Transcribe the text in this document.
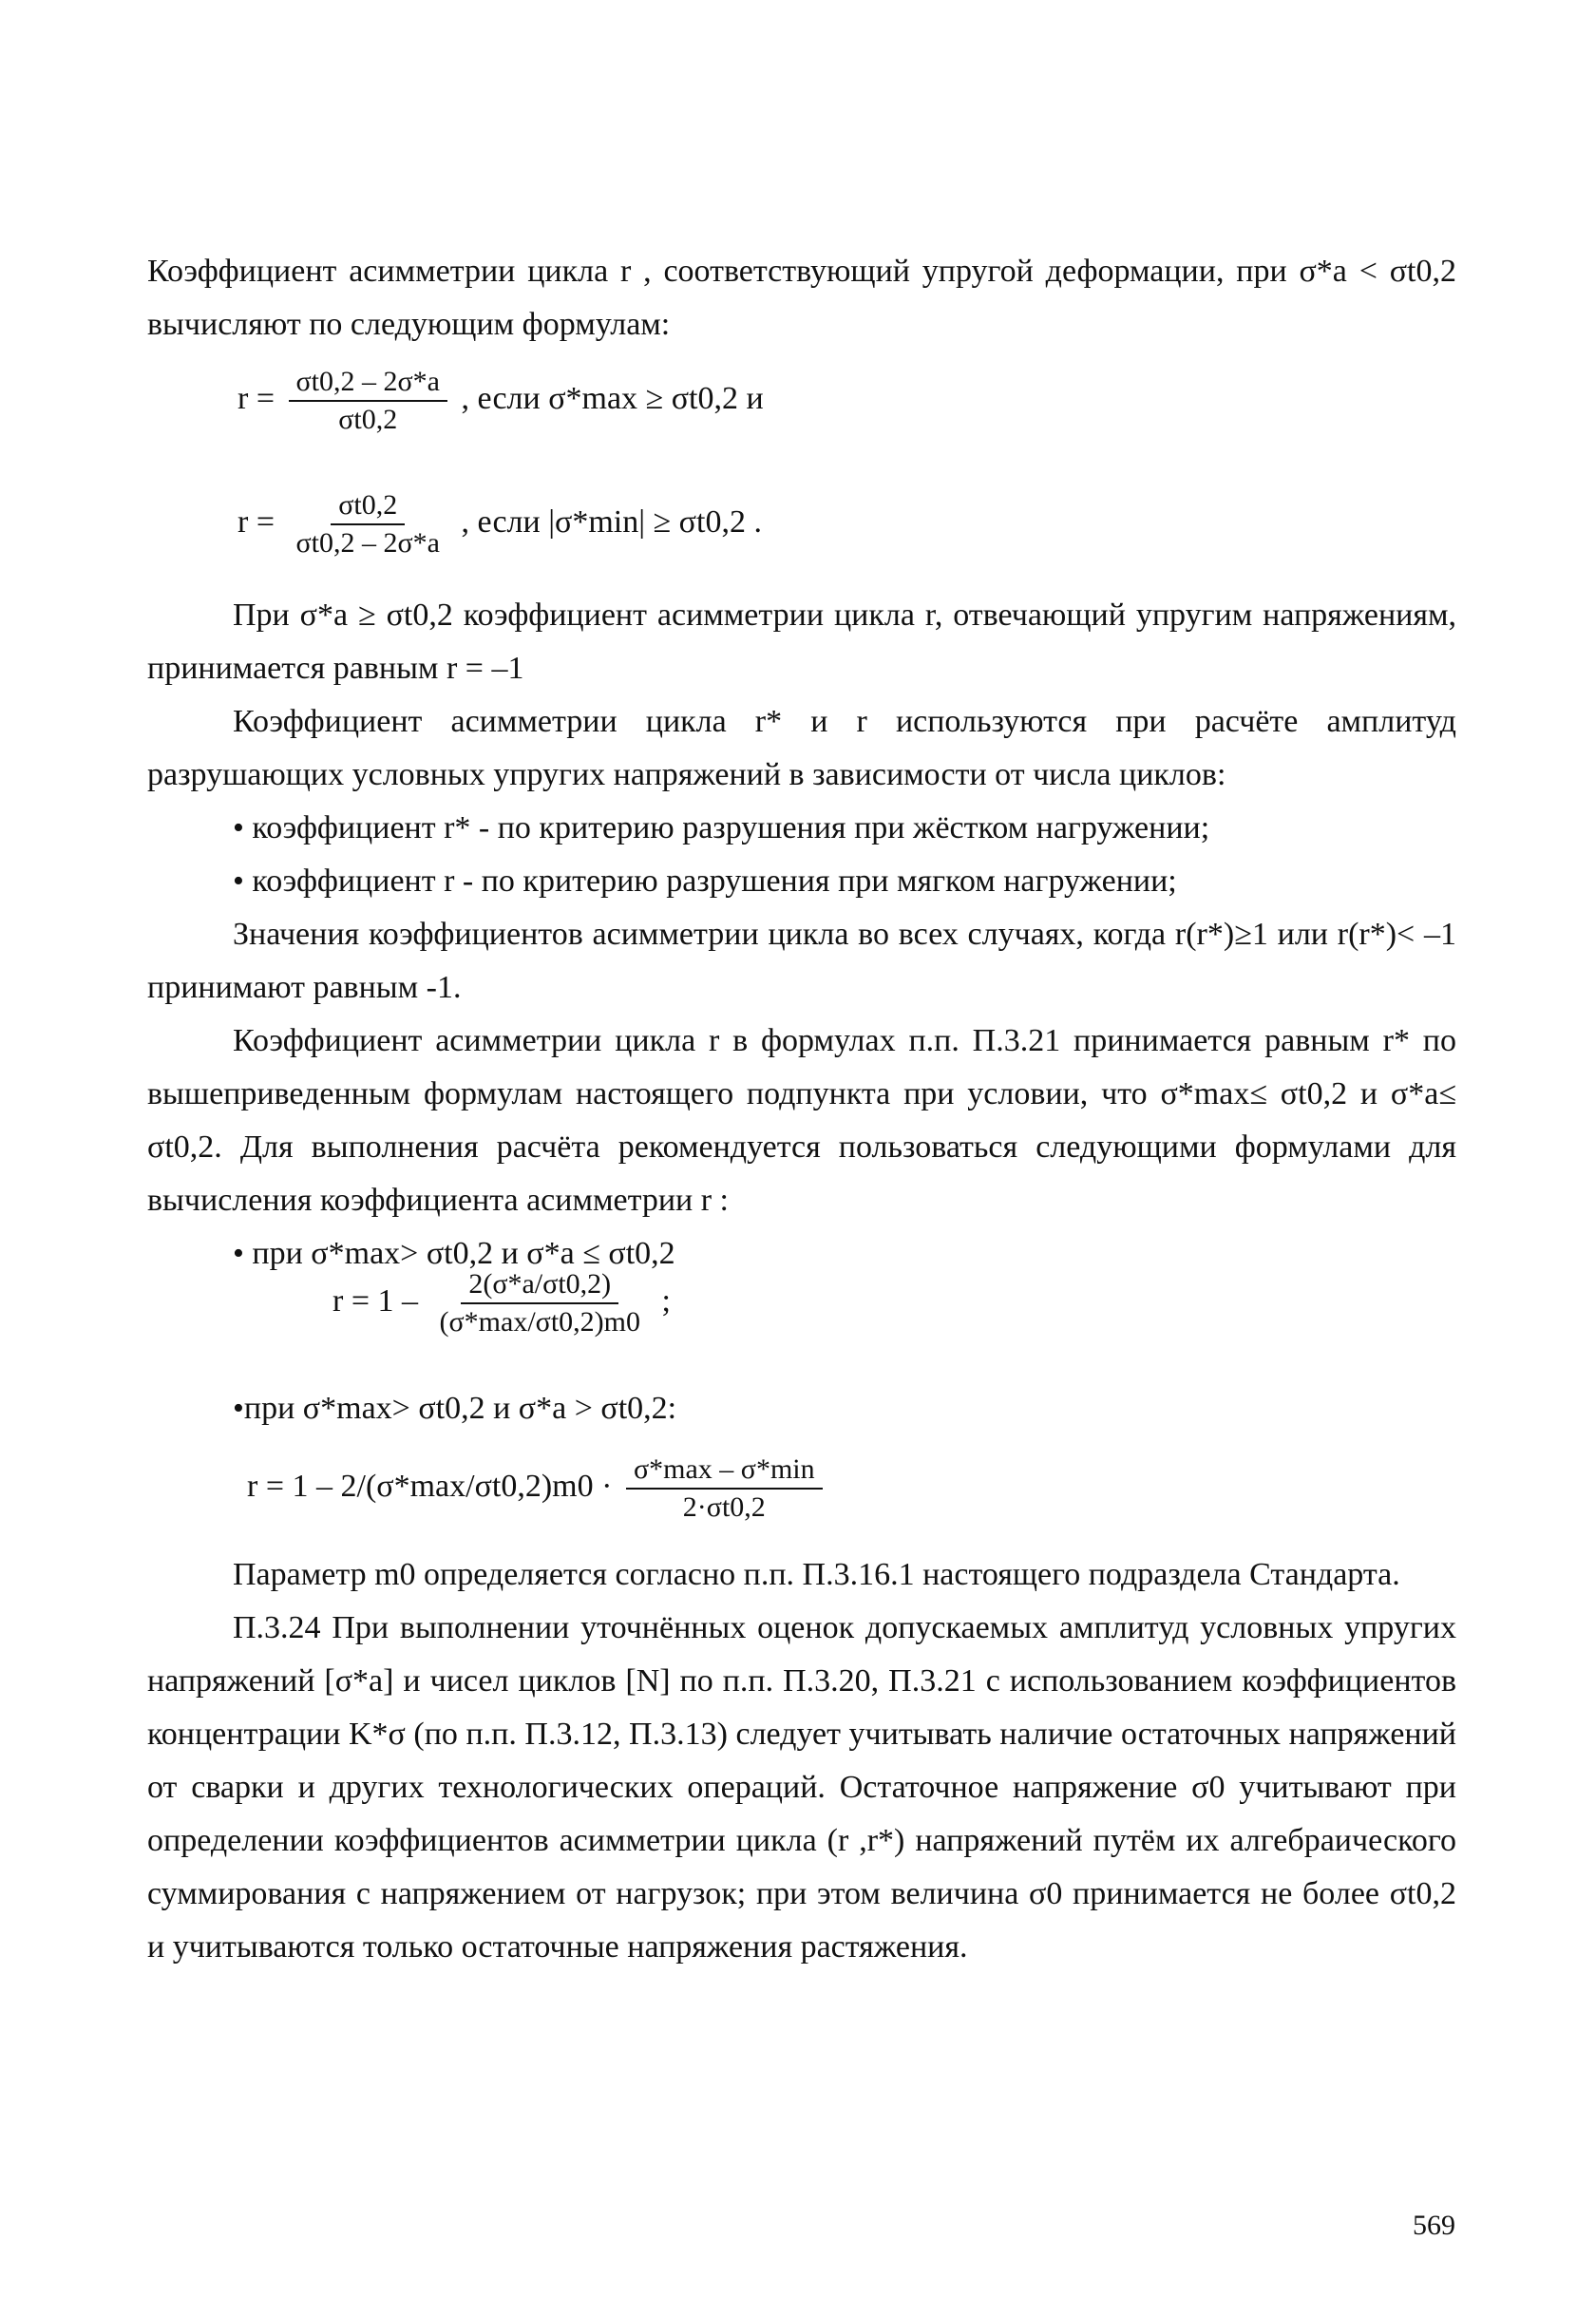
Коэффициент асимметрии цикла r , соответствующий упругой деформации, при σ*a < σt0,2 вычисляют по следующим формулам:

$r = \frac{\sigma t0,2 - 2\sigma*a}{\sigma t0,2}$ , если σ*max ≥ σt0,2 и
$r = \frac{\sigma t0,2}{\sigma t0,2 - 2\sigma*a}$ , если |σ*min| ≥ σt0,2 .

При σ*a ≥ σt0,2 коэффициент асимметрии цикла r, отвечающий упругим напряжениям, принимается равным r = –1

Коэффициент асимметрии цикла r* и r используются при расчёте амплитуд разрушающих условных упругих напряжений в зависимости от числа циклов:

• коэффициент r* - по критерию разрушения при жёстком нагружении;

• коэффициент r - по критерию разрушения при мягком нагружении;

Значения коэффициентов асимметрии цикла во всех случаях, когда r(r*)≥1 или r(r*)< –1 принимают равным -1.

Коэффициент асимметрии цикла r в формулах п.п. П.3.21 принимается равным r* по вышеприведенным формулам настоящего подпункта при условии, что σ*max≤ σt0,2 и σ*a≤ σt0,2. Для выполнения расчёта рекомендуется пользоваться следующими формулами для вычисления коэффициента асимметрии r :

• при σ*max> σt0,2 и σ*a ≤ σt0,2

$r = 1 - \frac{2(\sigma*a/\sigma t0,2)}{(\sigma*\max/\sigma t0,2)m0}$ ;

•при σ*max> σt0,2 и σ*a > σt0,2:

$r = 1 - 2/(\sigma*\max/\sigma t0,2)m0 \cdot \frac{\sigma*\max - \sigma*\min}{2\cdot\sigma t0,2}$

Параметр m0 определяется согласно п.п. П.3.16.1 настоящего подраздела Стандарта.

П.3.24 При выполнении уточнённых оценок допускаемых амплитуд условных упругих напряжений [σ*a] и чисел циклов [N] по п.п. П.3.20, П.3.21 с использованием коэффициентов концентрации K*σ (по п.п. П.3.12, П.3.13) следует учитывать наличие остаточных напряжений от сварки и других технологических операций. Остаточное напряжение σ0 учитывают при определении коэффициентов асимметрии цикла (r ,r*) напряжений путём их алгебраического суммирования с напряжением от нагрузок; при этом величина σ0 принимается не более σt0,2 и учитываются только остаточные напряжения растяжения.

569
